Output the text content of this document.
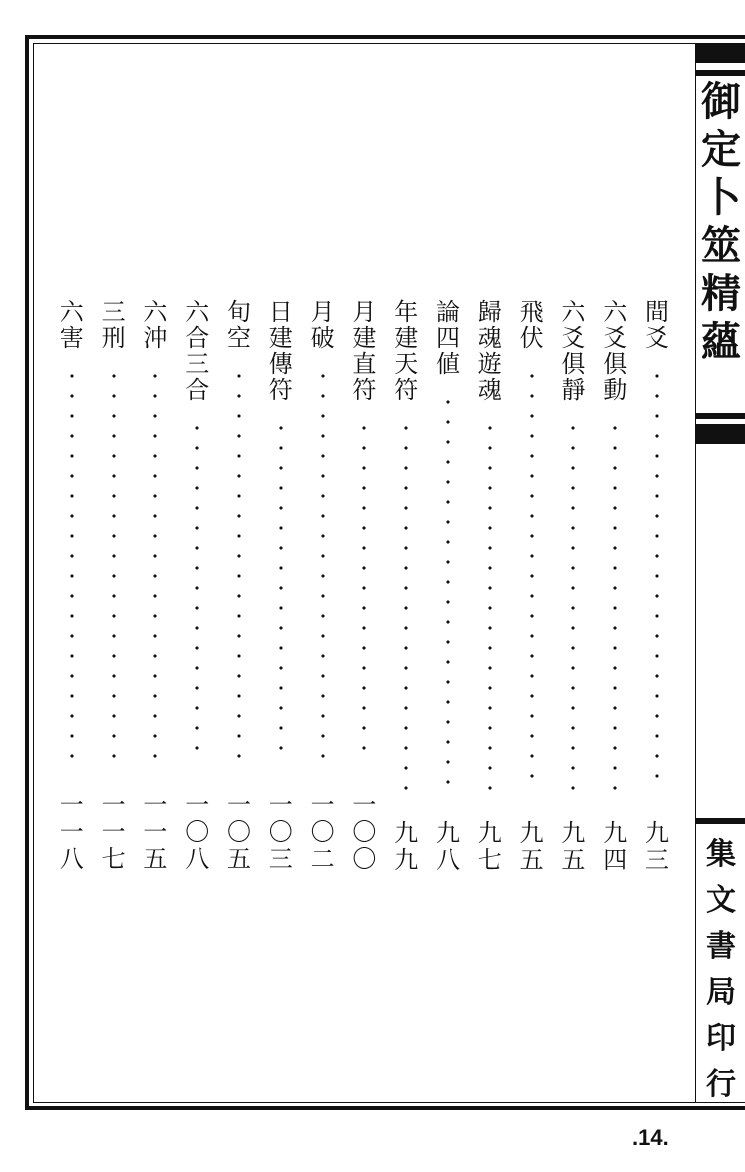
御
定
卜
筮
精
蘊
集
文
書
局
印
行
間
爻
九
三
六
爻
俱
動
九
四
六
爻
俱
靜
九
五
飛
伏
九
五
歸
魂
遊
魂
九
七
論
四
値
九
八
年
建
天
符
九
九
月
建
直
符
一
〇
〇
月
破
一
〇
二
日
建
傳
符
一
〇
三
旬
空
一
〇
五
六
合
三
合
一
〇
八
六
沖
一
一
五
三
刑
一
一
七
六
害
一
一
八
.14.
